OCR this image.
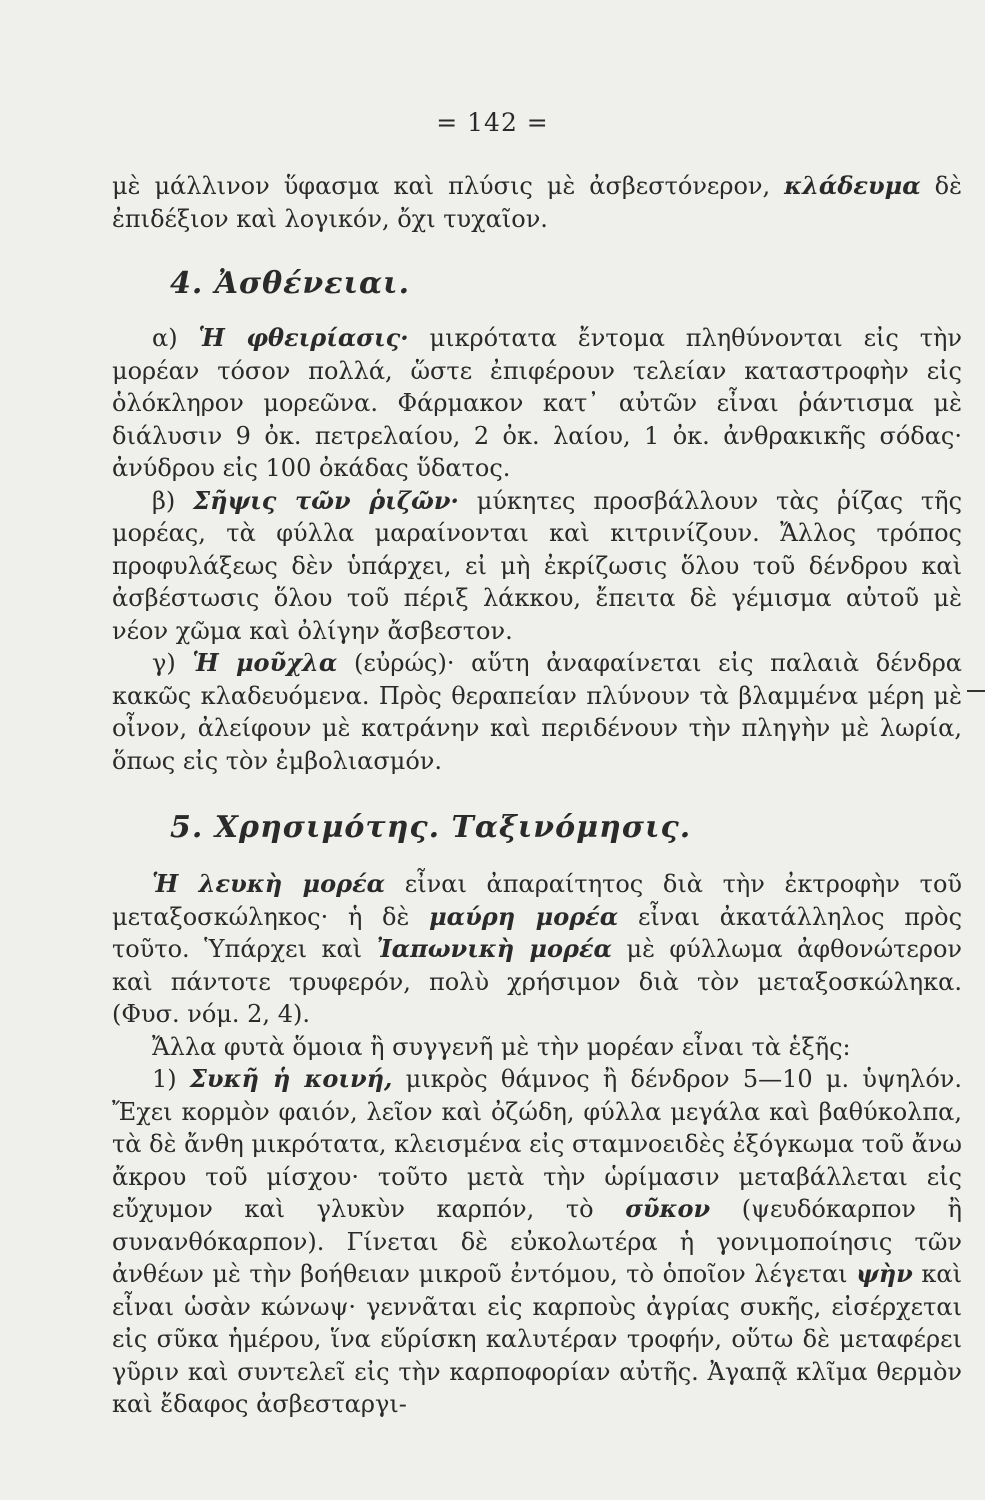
= 142 =

μὲ μάλλινον ὕφασμα καὶ πλύσις μὲ ἀσβεστόνερον, κλάδευμα δὲ ἐπιδέξιον καὶ λογικόν, ὄχι τυχαῖον.

4. Ἀσθένειαι.

α) Ἡ φθειρίασις· μικρότατα ἔντομα πληθύνονται εἰς τὴν μορέαν τόσον πολλά, ὥστε ἐπιφέρουν τελείαν καταστροφὴν εἰς ὁλόκληρον μορεῶνα. Φάρμακον κατ᾽ αὐτῶν εἶναι ῥάντισμα μὲ διάλυσιν 9 ὀκ. πετρελαίου, 2 ὀκ. λαίου, 1 ὀκ. ἀνθρακικῆς σόδας· ἀνύδρου εἰς 100 ὀκάδας ὕδατος.

β) Σῆψις τῶν ῥιζῶν· μύκητες προσβάλλουν τὰς ῥίζας τῆς μορέας, τὰ φύλλα μαραίνονται καὶ κιτρινίζουν. Ἄλλος τρόπος προφυλάξεως δὲν ὑπάρχει, εἰ μὴ ἐκρίζωσις ὅλου τοῦ δένδρου καὶ ἀσβέστωσις ὅλου τοῦ πέριξ λάκκου, ἔπειτα δὲ γέμισμα αὐτοῦ μὲ νέον χῶμα καὶ ὀλίγην ἄσβεστον.

γ) Ἡ μοῦχλα (εὐρώς)· αὕτη ἀναφαίνεται εἰς παλαιὰ δένδρα κακῶς κλαδευόμενα. Πρὸς θεραπείαν πλύνουν τὰ βλαμμένα μέρη μὲ οἶνον, ἀλείφουν μὲ κατράνην καὶ περιδένουν τὴν πληγὴν μὲ λωρία, ὅπως εἰς τὸν ἐμβολιασμόν.

5. Χρησιμότης. Ταξινόμησις.

Ἡ λευκὴ μορέα εἶναι ἀπαραίτητος διὰ τὴν ἐκτροφὴν τοῦ μεταξοσκώληκος· ἡ δὲ μαύρη μορέα εἶναι ἀκατάλληλος πρὸς τοῦτο. Ὑπάρχει καὶ Ἰαπωνικὴ μορέα μὲ φύλλωμα ἀφθονώτερον καὶ πάντοτε τρυφερόν, πολὺ χρήσιμον διὰ τὸν μεταξοσκώληκα. (Φυσ. νόμ. 2, 4).

Ἄλλα φυτὰ ὅμοια ἢ συγγενῆ μὲ τὴν μορέαν εἶναι τὰ ἑξῆς:

1) Συκῆ ἡ κοινή, μικρὸς θάμνος ἢ δένδρον 5—10 μ. ὑψηλόν. Ἔχει κορμὸν φαιόν, λεῖον καὶ ὀζώδη, φύλλα μεγάλα καὶ βαθύκολπα, τὰ δὲ ἄνθη μικρότατα, κλεισμένα εἰς σταμνοειδὲς ἐξόγκωμα τοῦ ἄνω ἄκρου τοῦ μίσχου· τοῦτο μετὰ τὴν ὡρίμασιν μεταβάλλεται εἰς εὔχυμον καὶ γλυκὺν καρπόν, τὸ σῦκον (ψευδόκαρπον ἢ συνανθόκαρπον). Γίνεται δὲ εὐκολωτέρα ἡ γονιμοποίησις τῶν ἀνθέων μὲ τὴν βοήθειαν μικροῦ ἐντόμου, τὸ ὁποῖον λέγεται ψὴν καὶ εἶναι ὡσὰν κώνωψ· γεννᾶται εἰς καρποὺς ἀγρίας συκῆς, εἰσέρχεται εἰς σῦκα ἡμέρου, ἵνα εὕρίσκη καλυτέραν τροφήν, οὕτω δὲ μεταφέρει γῦριν καὶ συντελεῖ εἰς τὴν καρποφορίαν αὐτῆς. Ἀγαπᾷ κλῖμα θερμὸν καὶ ἔδαφος ἀσβεσταργι-
